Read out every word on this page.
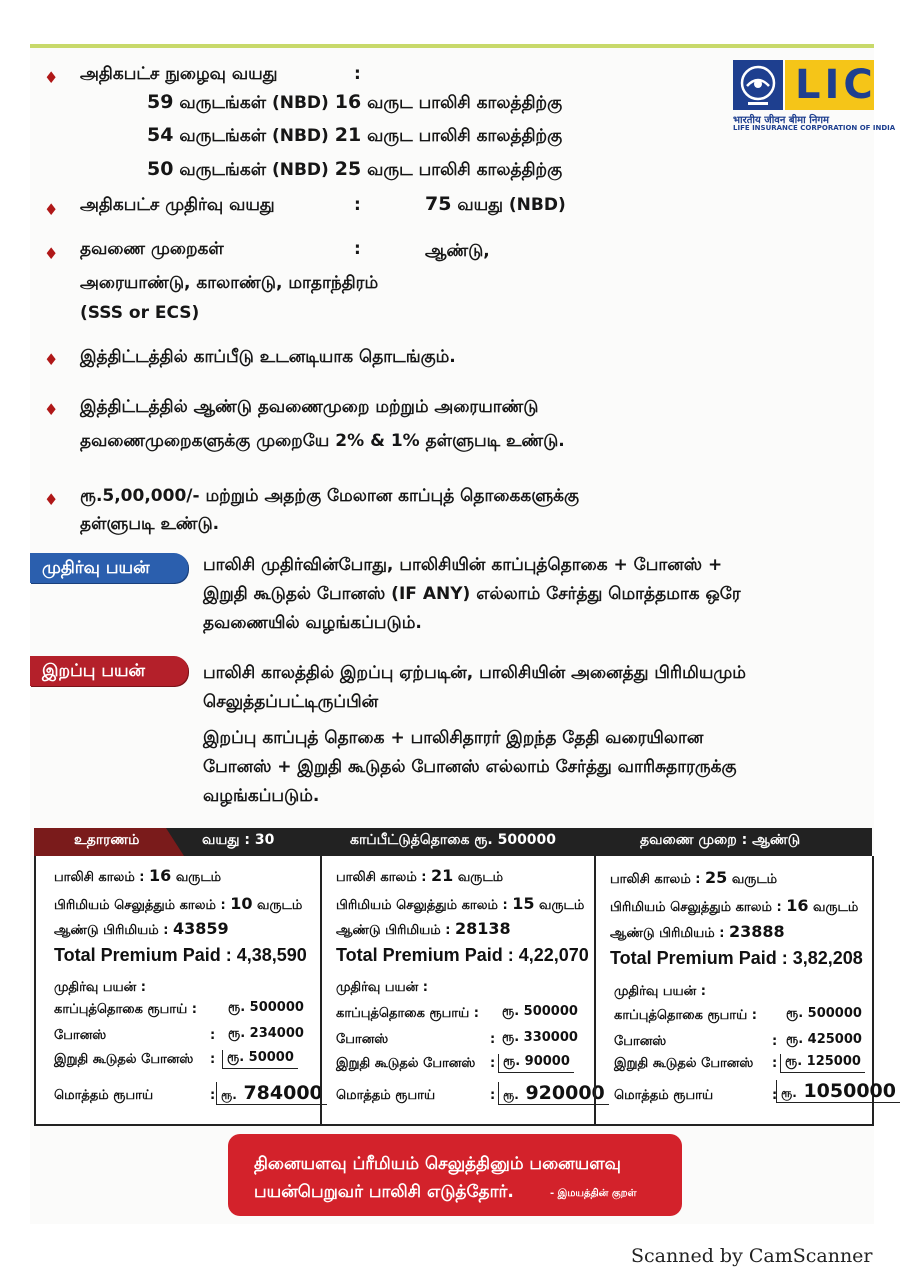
LIC
भारतीय जीवन बीमा निगम
LIFE INSURANCE CORPORATION OF INDIA
♦ அதிகபட்ச நுழைவு வயது	:
59 வருடங்கள் (NBD) 16 வருட பாலிசி காலத்திற்கு
54 வருடங்கள் (NBD) 21 வருட பாலிசி காலத்திற்கு
50 வருடங்கள் (NBD) 25 வருட பாலிசி காலத்திற்கு
♦ அதிகபட்ச முதிர்வு வயது	:	75 வயது (NBD)
♦ தவணை முறைகள்	:	ஆண்டு,
அரையாண்டு, காலாண்டு, மாதாந்திரம்
(SSS or ECS)
♦ இத்திட்டத்தில் காப்பீடு உடனடியாக தொடங்கும்.
♦ இத்திட்டத்தில் ஆண்டு தவணைமுறை மற்றும் அரையாண்டு
தவணைமுறைகளுக்கு முறையே 2% & 1% தள்ளுபடி உண்டு.
♦ ரூ.5,00,000/- மற்றும் அதற்கு மேலான காப்புத் தொகைகளுக்கு
தள்ளுபடி உண்டு.
முதிர்வு பயன்	பாலிசி முதிர்வின்போது, பாலிசியின் காப்புத்தொகை + போனஸ் +
இறுதி கூடுதல் போனஸ் (IF ANY) எல்லாம் சேர்த்து மொத்தமாக ஒரே
தவணையில் வழங்கப்படும்.
இறப்பு பயன்	பாலிசி காலத்தில் இறப்பு ஏற்படின், பாலிசியின் அனைத்து பிரிமியமும்
செலுத்தப்பட்டிருப்பின்
இறப்பு காப்புத் தொகை + பாலிசிதாரர் இறந்த தேதி வரையிலான
போனஸ் + இறுதி கூடுதல் போனஸ் எல்லாம் சேர்த்து வாரிசுதாரருக்கு
வழங்கப்படும்.
உதாரணம்	வயது : 30	காப்பீட்டுத்தொகை ரூ. 500000	தவணை முறை : ஆண்டு
பாலிசி காலம் : 16 வருடம்
பிரிமியம் செலுத்தும் காலம் : 10 வருடம்
ஆண்டு பிரிமியம் : 43859
Total Premium Paid : 4,38,590
முதிர்வு பயன் :
காப்புத்தொகை ரூபாய் : ரூ. 500000
போனஸ்	: ரூ. 234000
இறுதி கூடுதல் போனஸ் : ரூ. 50000
மொத்தம் ரூபாய்	: ரூ. 784000
பாலிசி காலம் : 21 வருடம்
பிரிமியம் செலுத்தும் காலம் : 15 வருடம்
ஆண்டு பிரிமியம் : 28138
Total Premium Paid : 4,22,070
முதிர்வு பயன் :
காப்புத்தொகை ரூபாய் : ரூ. 500000
போனஸ்	: ரூ. 330000
இறுதி கூடுதல் போனஸ் : ரூ. 90000
மொத்தம் ரூபாய்	: ரூ. 920000
பாலிசி காலம் : 25 வருடம்
பிரிமியம் செலுத்தும் காலம் : 16 வருடம்
ஆண்டு பிரிமியம் : 23888
Total Premium Paid : 3,82,208
முதிர்வு பயன் :
காப்புத்தொகை ரூபாய் : ரூ. 500000
போனஸ்	: ரூ. 425000
இறுதி கூடுதல் போனஸ் : ரூ. 125000
மொத்தம் ரூபாய்	: ரூ. 1050000
தினையளவு ப்ரீமியம் செலுத்தினும் பனையளவு
பயன்பெறுவர் பாலிசி எடுத்தோர்.	- இமயத்தின் குறள்
Scanned by CamScanner
